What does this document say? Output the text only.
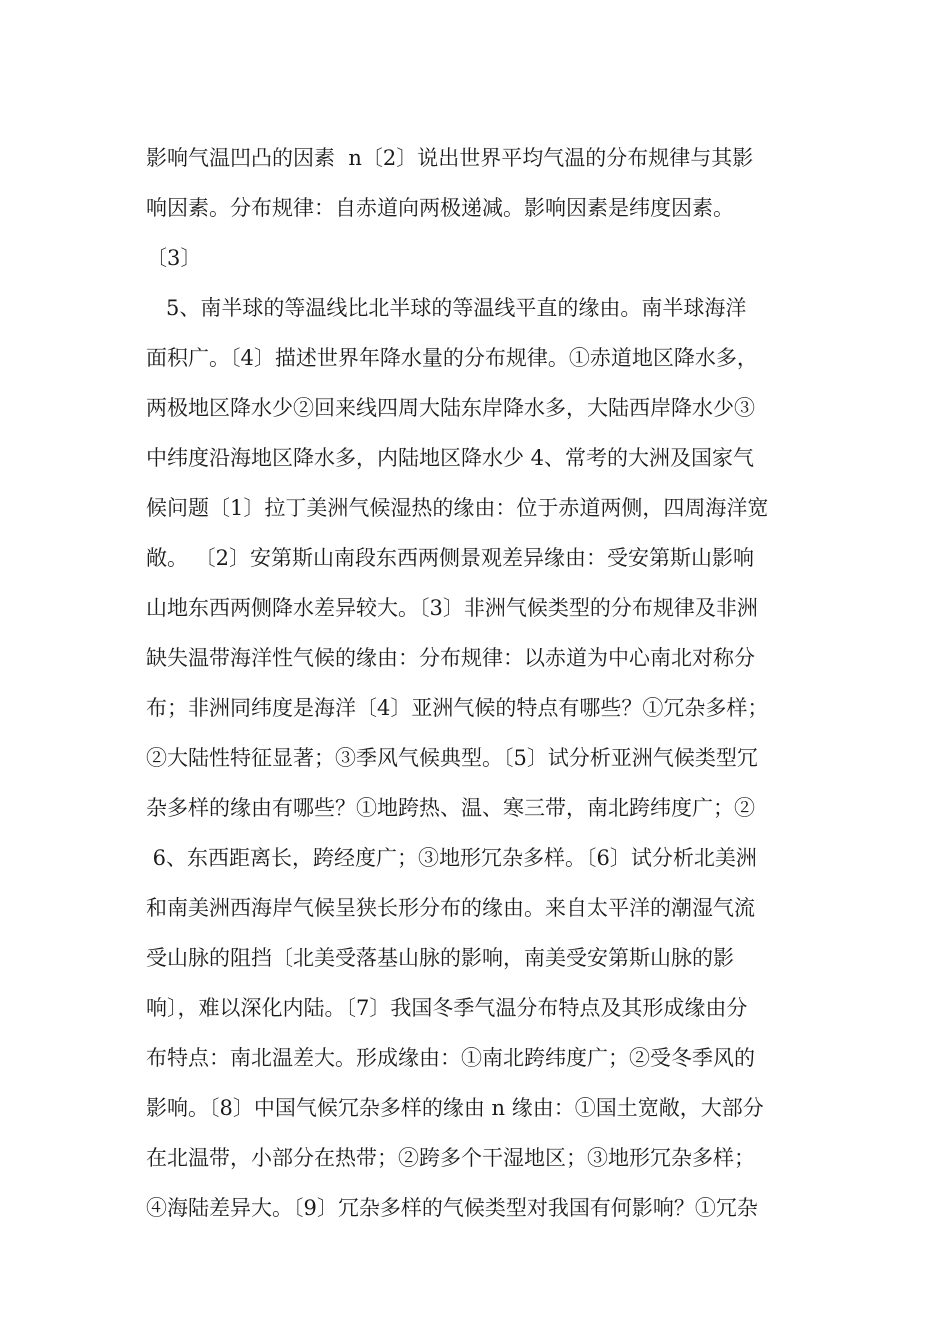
影响气温凹凸的因素  n〔2〕说出世界平均气温的分布规律与其影
响因素。分布规律：自赤道向两极递减。影响因素是纬度因素。
〔3〕
5、南半球的等温线比北半球的等温线平直的缘由。南半球海洋
面积广。〔4〕描述世界年降水量的分布规律。①赤道地区降水多，
两极地区降水少②回来线四周大陆东岸降水多，大陆西岸降水少③
中纬度沿海地区降水多，内陆地区降水少 4、常考的大洲及国家气
候问题〔1〕拉丁美洲气候湿热的缘由：位于赤道两侧，四周海洋宽
敞。 〔2〕安第斯山南段东西两侧景观差异缘由：受安第斯山影响
山地东西两侧降水差异较大。〔3〕非洲气候类型的分布规律及非洲
缺失温带海洋性气候的缘由：分布规律：以赤道为中心南北对称分
布；非洲同纬度是海洋〔4〕亚洲气候的特点有哪些？①冗杂多样；
②大陆性特征显著；③季风气候典型。〔5〕试分析亚洲气候类型冗
杂多样的缘由有哪些？①地跨热、温、寒三带，南北跨纬度广；②
6、东西距离长，跨经度广；③地形冗杂多样。〔6〕试分析北美洲
和南美洲西海岸气候呈狭长形分布的缘由。来自太平洋的潮湿气流
受山脉的阻挡〔北美受落基山脉的影响，南美受安第斯山脉的影
响〕，难以深化内陆。〔7〕我国冬季气温分布特点及其形成缘由分
布特点：南北温差大。形成缘由：①南北跨纬度广；②受冬季风的
影响。〔8〕中国气候冗杂多样的缘由 n 缘由：①国土宽敞，大部分
在北温带，小部分在热带；②跨多个干湿地区；③地形冗杂多样；
④海陆差异大。〔9〕冗杂多样的气候类型对我国有何影响？①冗杂
